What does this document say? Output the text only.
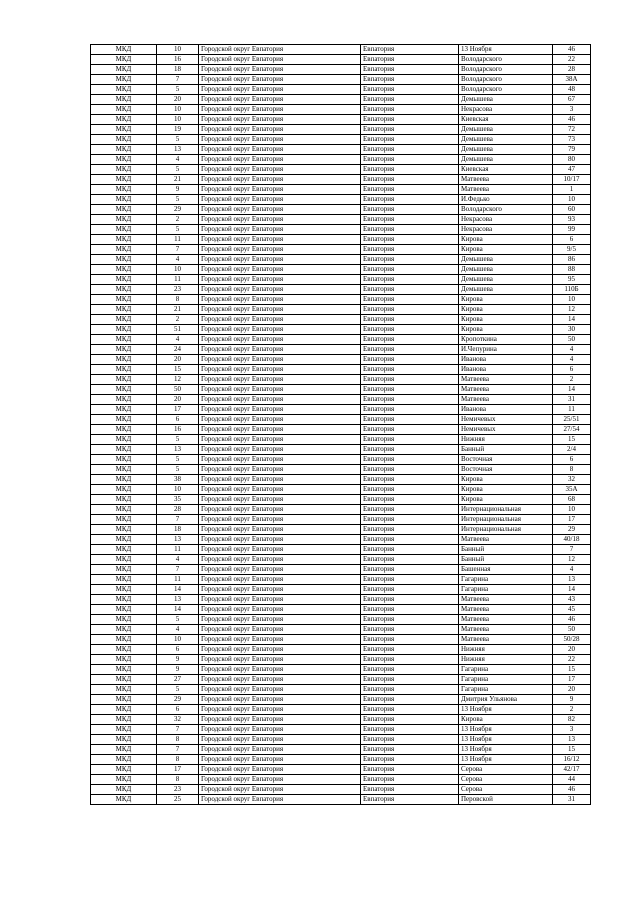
МКД	10	Городской округ Евпатория	Евпатория	13 Ноября	46
МКД	16	Городской округ Евпатория	Евпатория	Володарского	22
МКД	18	Городской округ Евпатория	Евпатория	Володарского	28
МКД	7	Городской округ Евпатория	Евпатория	Володарского	38А
МКД	5	Городской округ Евпатория	Евпатория	Володарского	48
МКД	20	Городской округ Евпатория	Евпатория	Демышева	67
МКД	10	Городской округ Евпатория	Евпатория	Некрасова	3
МКД	10	Городской округ Евпатория	Евпатория	Киевская	46
МКД	19	Городской округ Евпатория	Евпатория	Демышева	72
МКД	5	Городской округ Евпатория	Евпатория	Демышева	73
МКД	13	Городской округ Евпатория	Евпатория	Демышева	79
МКД	4	Городской округ Евпатория	Евпатория	Демышева	80
МКД	5	Городской округ Евпатория	Евпатория	Киевская	47
МКД	21	Городской округ Евпатория	Евпатория	Матвеева	10/17
МКД	9	Городской округ Евпатория	Евпатория	Матвеева	1
МКД	5	Городской округ Евпатория	Евпатория	И.Федько	10
МКД	29	Городской округ Евпатория	Евпатория	Володарского	60
МКД	2	Городской округ Евпатория	Евпатория	Некрасова	93
МКД	5	Городской округ Евпатория	Евпатория	Некрасова	99
МКД	11	Городской округ Евпатория	Евпатория	Кирова	6
МКД	7	Городской округ Евпатория	Евпатория	Кирова	9/5
МКД	4	Городской округ Евпатория	Евпатория	Демышева	86
МКД	10	Городской округ Евпатория	Евпатория	Демышева	88
МКД	11	Городской округ Евпатория	Евпатория	Демышева	95
МКД	23	Городской округ Евпатория	Евпатория	Демышева	110Б
МКД	8	Городской округ Евпатория	Евпатория	Кирова	10
МКД	21	Городской округ Евпатория	Евпатория	Кирова	12
МКД	2	Городской округ Евпатория	Евпатория	Кирова	14
МКД	51	Городской округ Евпатория	Евпатория	Кирова	30
МКД	4	Городской округ Евпатория	Евпатория	Кропоткина	50
МКД	24	Городской округ Евпатория	Евпатория	И.Чепурина	4
МКД	20	Городской округ Евпатория	Евпатория	Иванова	4
МКД	15	Городской округ Евпатория	Евпатория	Иванова	6
МКД	12	Городской округ Евпатория	Евпатория	Матвеева	2
МКД	50	Городской округ Евпатория	Евпатория	Матвеева	14
МКД	20	Городской округ Евпатория	Евпатория	Матвеева	31
МКД	17	Городской округ Евпатория	Евпатория	Иванова	11
МКД	6	Городской округ Евпатория	Евпатория	Немичевых	25/51
МКД	16	Городской округ Евпатория	Евпатория	Немичевых	27/54
МКД	5	Городской округ Евпатория	Евпатория	Нижняя	15
МКД	13	Городской округ Евпатория	Евпатория	Банный	2/4
МКД	5	Городской округ Евпатория	Евпатория	Восточная	6
МКД	5	Городской округ Евпатория	Евпатория	Восточная	8
МКД	38	Городской округ Евпатория	Евпатория	Кирова	32
МКД	10	Городской округ Евпатория	Евпатория	Кирова	35А
МКД	35	Городской округ Евпатория	Евпатория	Кирова	68
МКД	28	Городской округ Евпатория	Евпатория	Интернациональная	10
МКД	7	Городской округ Евпатория	Евпатория	Интернациональная	17
МКД	18	Городской округ Евпатория	Евпатория	Интернациональная	29
МКД	13	Городской округ Евпатория	Евпатория	Матвеева	40/18
МКД	11	Городской округ Евпатория	Евпатория	Банный	7
МКД	4	Городской округ Евпатория	Евпатория	Банный	12
МКД	7	Городской округ Евпатория	Евпатория	Башенная	4
МКД	11	Городской округ Евпатория	Евпатория	Гагарина	13
МКД	14	Городской округ Евпатория	Евпатория	Гагарина	14
МКД	13	Городской округ Евпатория	Евпатория	Матвеева	43
МКД	14	Городской округ Евпатория	Евпатория	Матвеева	45
МКД	5	Городской округ Евпатория	Евпатория	Матвеева	46
МКД	4	Городской округ Евпатория	Евпатория	Матвеева	50
МКД	10	Городской округ Евпатория	Евпатория	Матвеева	50/28
МКД	6	Городской округ Евпатория	Евпатория	Нижняя	20
МКД	9	Городской округ Евпатория	Евпатория	Нижняя	22
МКД	9	Городской округ Евпатория	Евпатория	Гагарина	15
МКД	27	Городской округ Евпатория	Евпатория	Гагарина	17
МКД	5	Городской округ Евпатория	Евпатория	Гагарина	20
МКД	29	Городской округ Евпатория	Евпатория	Дмитрия Ульянова	9
МКД	6	Городской округ Евпатория	Евпатория	13 Ноября	2
МКД	32	Городской округ Евпатория	Евпатория	Кирова	82
МКД	7	Городской округ Евпатория	Евпатория	13 Ноября	3
МКД	8	Городской округ Евпатория	Евпатория	13 Ноября	13
МКД	7	Городской округ Евпатория	Евпатория	13 Ноября	15
МКД	8	Городской округ Евпатория	Евпатория	13 Ноября	16/12
МКД	17	Городской округ Евпатория	Евпатория	Серова	42/17
МКД	8	Городской округ Евпатория	Евпатория	Серова	44
МКД	23	Городской округ Евпатория	Евпатория	Серова	46
МКД	25	Городской округ Евпатория	Евпатория	Перовской	31
